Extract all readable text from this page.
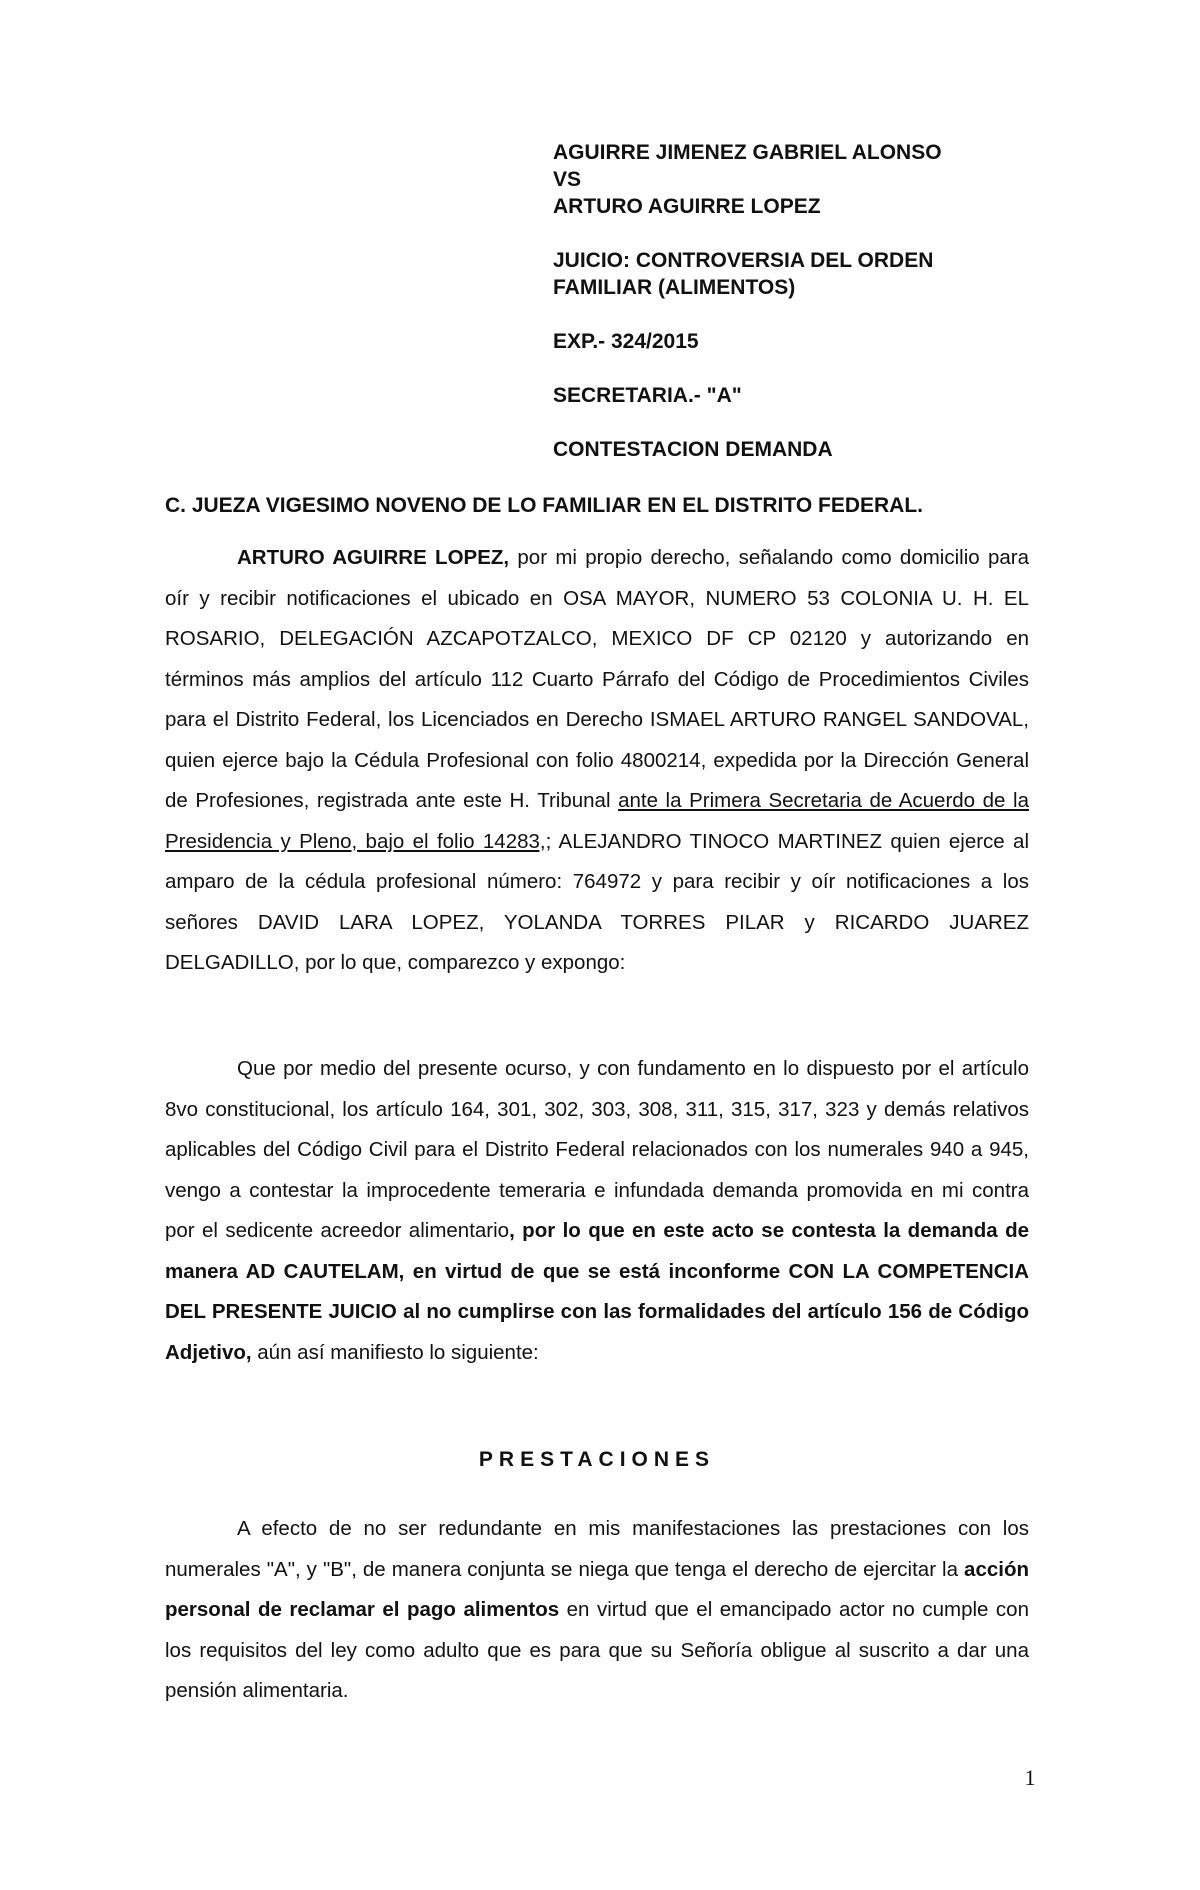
AGUIRRE JIMENEZ GABRIEL ALONSO

VS

ARTURO AGUIRRE LOPEZ

JUICIO: CONTROVERSIA DEL ORDEN

FAMILIAR (ALIMENTOS)

EXP.- 324/2015

SECRETARIA.- "A"

CONTESTACION DEMANDA

C. JUEZA VIGESIMO NOVENO DE LO FAMILIAR EN EL DISTRITO FEDERAL.

ARTURO AGUIRRE LOPEZ, por mi propio derecho, señalando como domicilio para oír y recibir notificaciones el ubicado en OSA MAYOR, NUMERO 53 COLONIA U. H. EL ROSARIO, DELEGACIÓN AZCAPOTZALCO, MEXICO DF CP 02120 y autorizando en términos más amplios del artículo 112 Cuarto Párrafo del Código de Procedimientos Civiles para el Distrito Federal, los Licenciados en Derecho ISMAEL ARTURO RANGEL SANDOVAL, quien ejerce bajo la Cédula Profesional con folio 4800214, expedida por la Dirección General de Profesiones, registrada ante este H. Tribunal ante la Primera Secretaria de Acuerdo de la Presidencia y Pleno, bajo el folio 14283,; ALEJANDRO TINOCO MARTINEZ quien ejerce al amparo de la cédula profesional número: 764972 y para recibir y oír notificaciones a los señores DAVID LARA LOPEZ, YOLANDA TORRES PILAR y RICARDO JUAREZ DELGADILLO, por lo que, comparezco y expongo:

Que por medio del presente ocurso, y con fundamento en lo dispuesto por el artículo 8vo constitucional, los artículo 164, 301, 302, 303, 308, 311, 315, 317, 323 y demás relativos aplicables del Código Civil para el Distrito Federal relacionados con los numerales 940 a 945, vengo a contestar la improcedente temeraria e infundada demanda promovida en mi contra por el sedicente acreedor alimentario, por lo que en este acto se contesta la demanda de manera AD CAUTELAM, en virtud de que se está inconforme CON LA COMPETENCIA DEL PRESENTE JUICIO al no cumplirse con las formalidades del artículo 156 de Código Adjetivo, aún así manifiesto lo siguiente:

PRESTACIONES

A efecto de no ser redundante en mis manifestaciones las prestaciones con los numerales "A", y "B", de manera conjunta se niega que tenga el derecho de ejercitar la acción personal de reclamar el pago alimentos en virtud que el emancipado actor no cumple con los requisitos del ley como adulto que es para que su Señoría obligue al suscrito a dar una pensión alimentaria.

1
